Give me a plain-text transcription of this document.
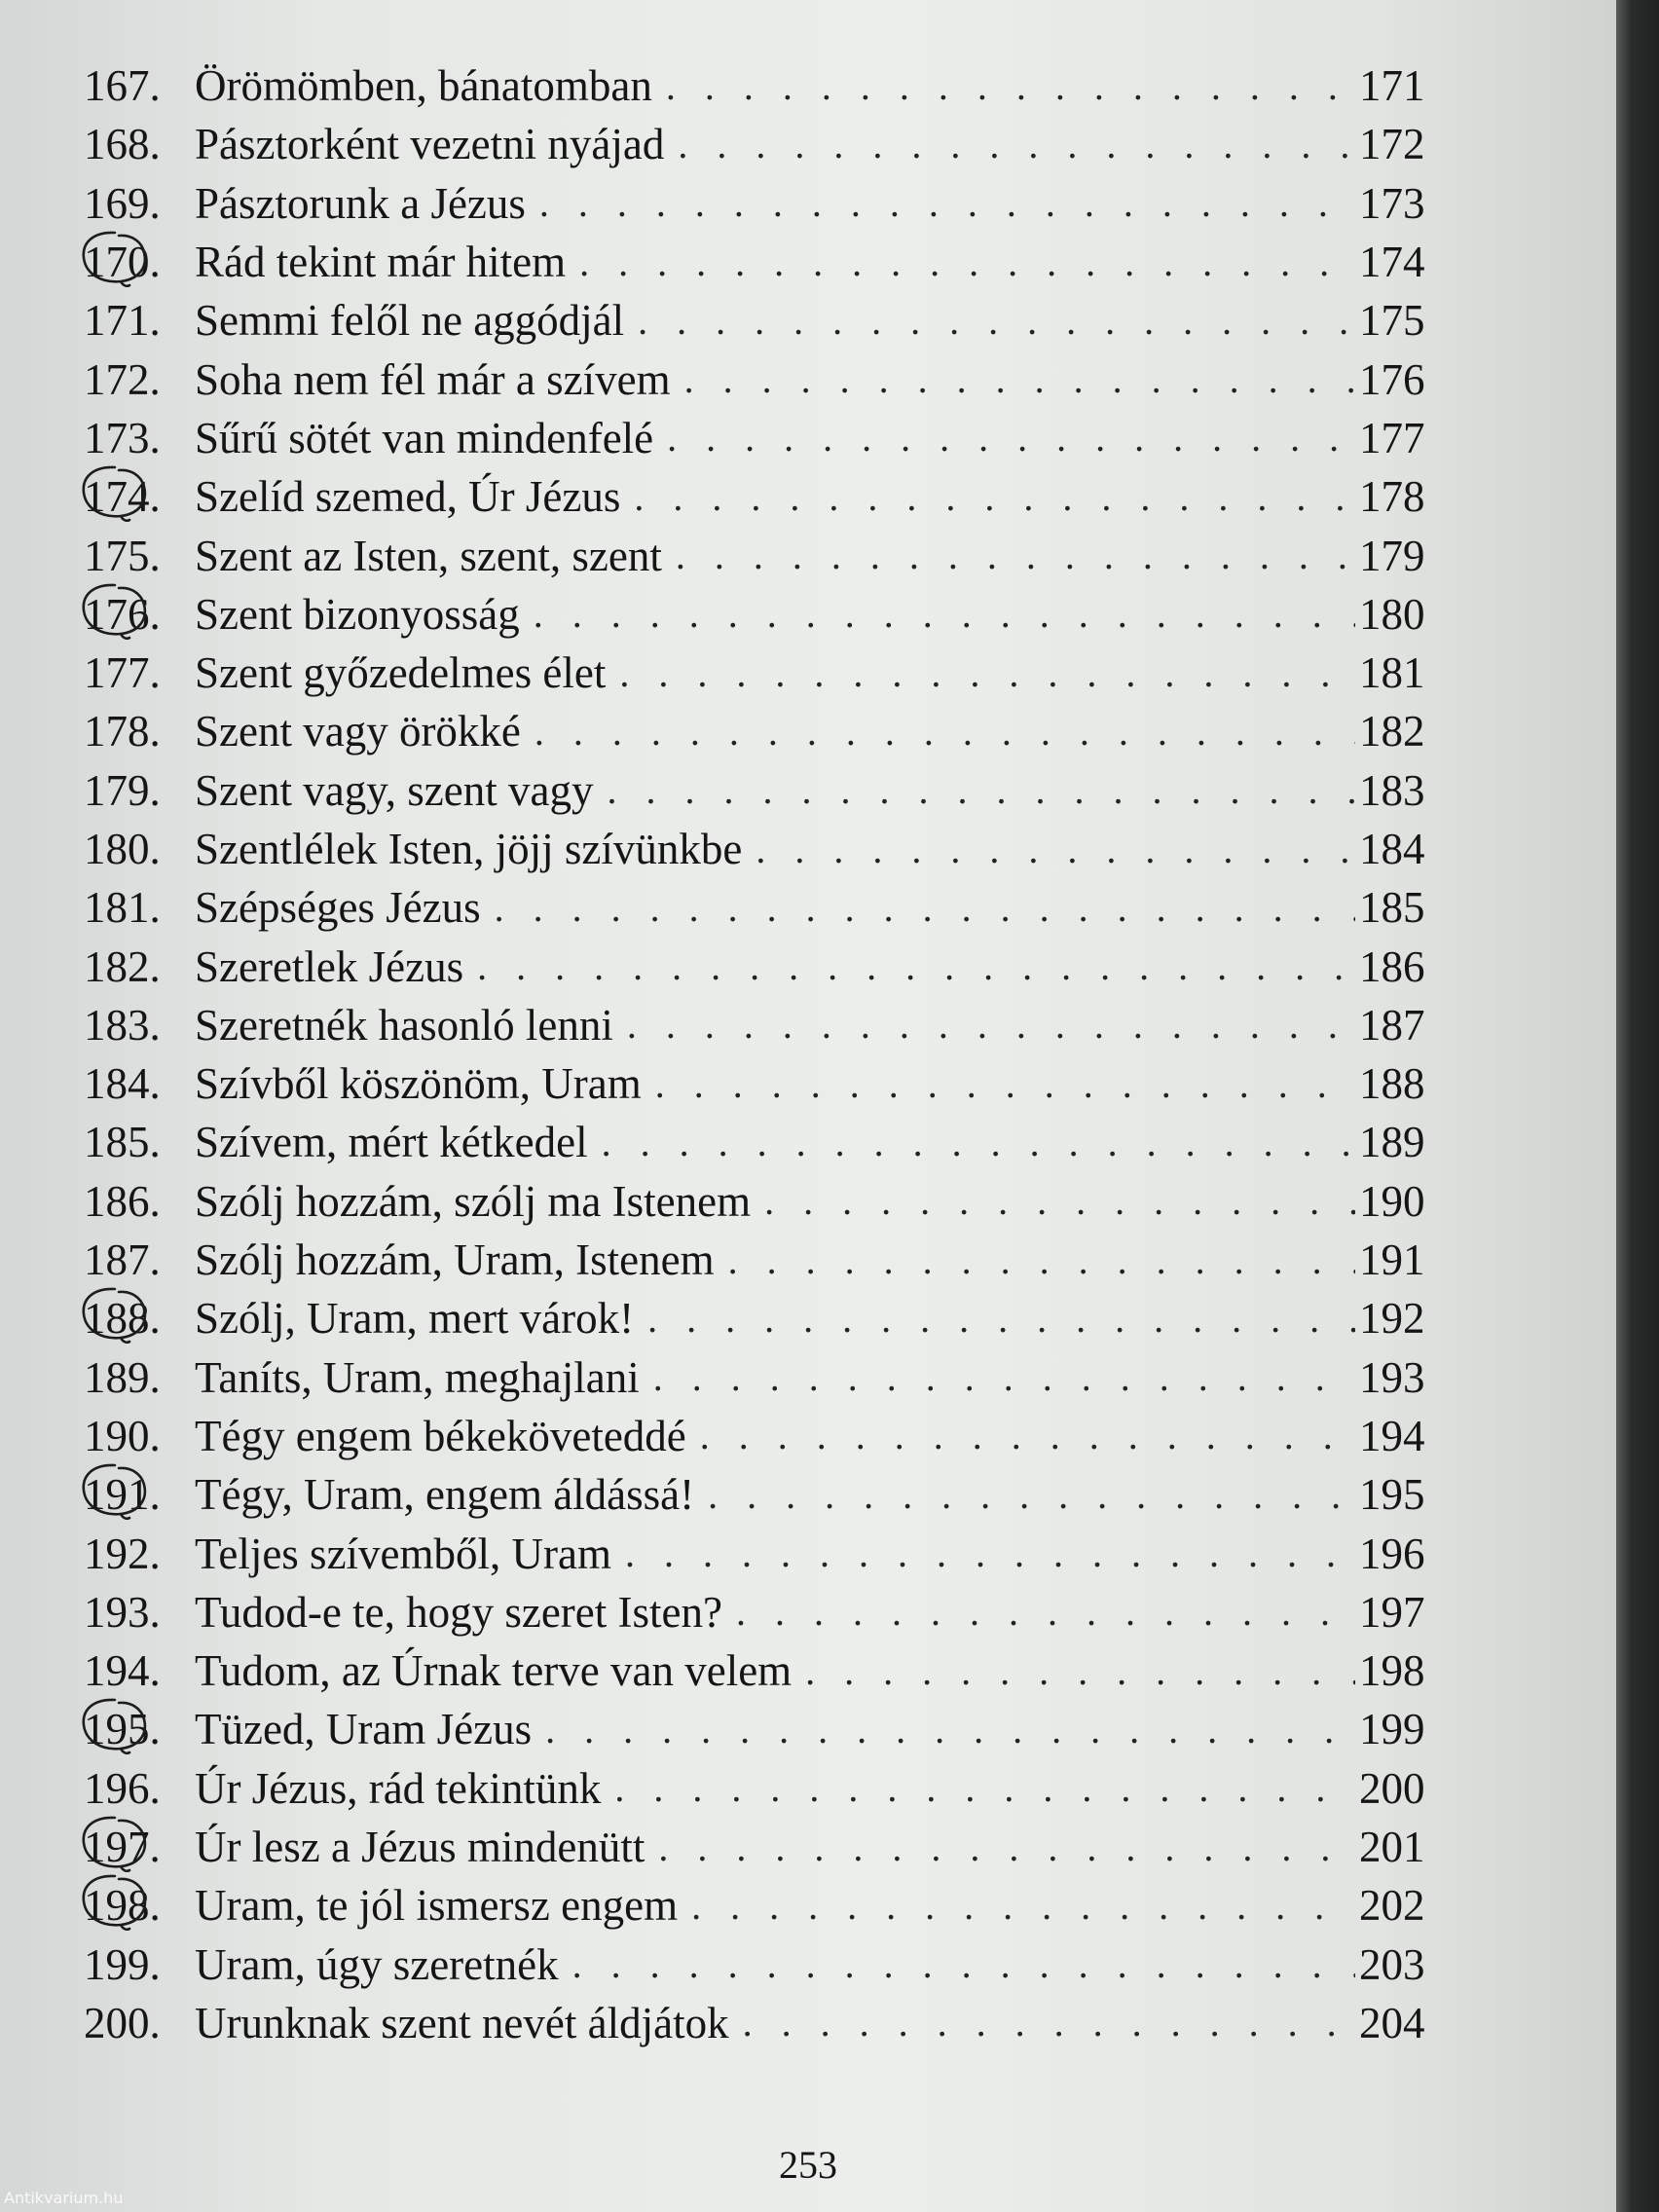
167. Örömömben, bánatomban . . .	171
168. Pásztorként vezetni nyájad . . .	172
169. Pásztorunk a Jézus . . .	173
170. Rád tekint már hitem . . .	174
171. Semmi felől ne aggódjál . . .	175
172. Soha nem fél már a szívem . . .	176
173. Sűrű sötét van mindenfelé . . .	177
174. Szelíd szemed, Úr Jézus . . .	178
175. Szent az Isten, szent, szent . . .	179
176. Szent bizonyosság . . .	180
177. Szent győzedelmes élet . . .	181
178. Szent vagy örökké . . .	182
179. Szent vagy, szent vagy . . .	183
180. Szentlélek Isten, jöjj szívünkbe . . .	184
181. Szépséges Jézus . . .	185
182. Szeretlek Jézus . . .	186
183. Szeretnék hasonló lenni . . .	187
184. Szívből köszönöm, Uram . . .	188
185. Szívem, mért kétkedel . . .	189
186. Szólj hozzám, szólj ma Istenem . . .	190
187. Szólj hozzám, Uram, Istenem . . .	191
188. Szólj, Uram, mert várok! . . .	192
189. Taníts, Uram, meghajlani . . .	193
190. Tégy engem békeköveteddé . . .	194
191. Tégy, Uram, engem áldássá! . . .	195
192. Teljes szívemből, Uram . . .	196
193. Tudod-e te, hogy szeret Isten? . . .	197
194. Tudom, az Úrnak terve van velem . . .	198
195. Tüzed, Uram Jézus . . .	199
196. Úr Jézus, rád tekintünk . . .	200
197. Úr lesz a Jézus mindenütt . . .	201
198. Uram, te jól ismersz engem . . .	202
199. Uram, úgy szeretnék . . .	203
200. Urunknak szent nevét áldjátok . . .	204
253
Antikvarium.hu
